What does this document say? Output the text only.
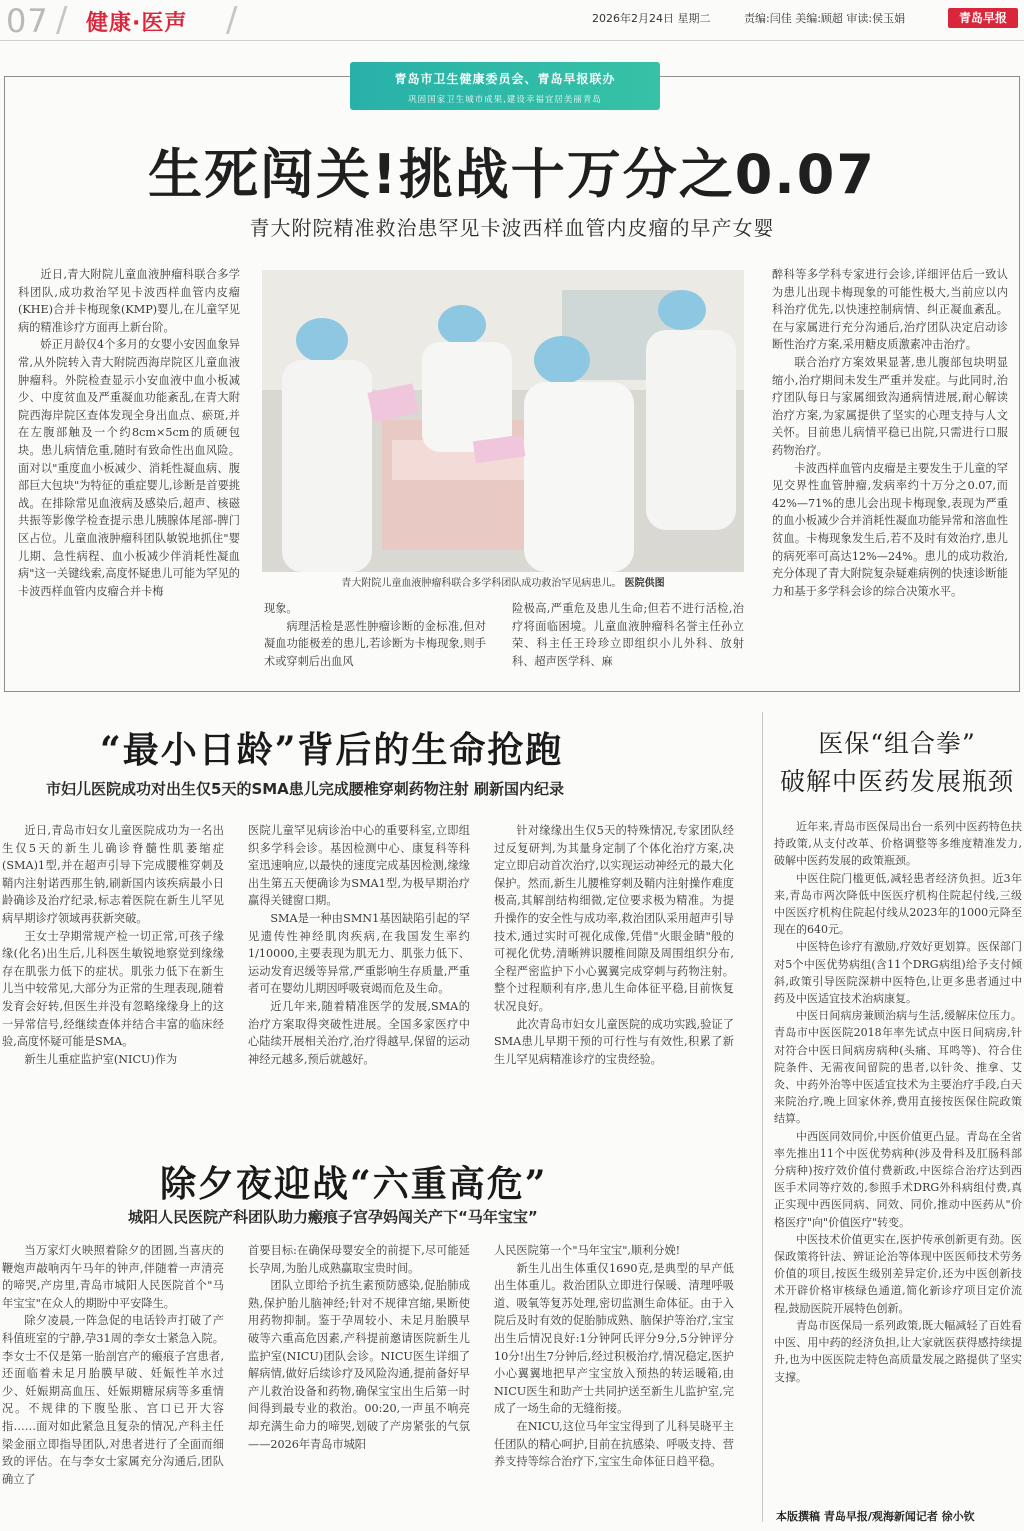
07 / 健康·医声 /	2026年2月24日 星期二	责编:闫佳 美编:顾超 审读:侯玉娟	青岛早报
青岛市卫生健康委员会、青岛早报联办
巩固国家卫生城市成果,建设幸福宜居美丽青岛
生死闯关!挑战十万分之0.07
青大附院精准救治患罕见卡波西样血管内皮瘤的早产女婴

近日,青大附院儿童血液肿瘤科联合多学科团队,成功救治罕见卡波西样血管内皮瘤(KHE)合并卡梅现象(KMP)婴儿,在儿童罕见病的精准诊疗方面再上新台阶。

娇正月龄仅4个多月的女婴小安因血象异常,从外院转入青大附院西海岸院区儿童血液肿瘤科。外院检查显示小安血液中血小板减少、中度贫血及严重凝血功能紊乱,在青大附院西海岸院区查体发现全身出血点、瘀斑,并在左腹部触及一个约8cm×5cm的质硬包块。患儿病情危重,随时有致命性出血风险。面对以"重度血小板减少、消耗性凝血病、腹部巨大包块"为特征的重症婴儿,诊断是首要挑战。在排除常见血液病及感染后,超声、核磁共振等影像学检查提示患儿胰腺体尾部-脾门区占位。儿童血液肿瘤科团队敏锐地抓住"婴儿期、急性病程、血小板减少伴消耗性凝血病"这一关键线索,高度怀疑患儿可能为罕见的卡波西样血管内皮瘤合并卡梅

青大附院儿童血液肿瘤科联合多学科团队成功救治罕见病患儿。 医院供图

现象。

病理活检是恶性肿瘤诊断的金标准,但对凝血功能极差的患儿,若诊断为卡梅现象,则手术或穿刺后出血风

险极高,严重危及患儿生命;但若不进行活检,治疗将面临困境。儿童血液肿瘤科名誉主任孙立荣、科主任王玲珍立即组织小儿外科、放射科、超声医学科、麻

醉科等多学科专家进行会诊,详细评估后一致认为患儿出现卡梅现象的可能性极大,当前应以内科治疗优先,以快速控制病情、纠正凝血紊乱。在与家属进行充分沟通后,治疗团队决定启动诊断性治疗方案,采用糖皮质激素冲击治疗。

联合治疗方案效果显著,患儿腹部包块明显缩小,治疗期间未发生严重并发症。与此同时,治疗团队每日与家属细致沟通病情进展,耐心解读治疗方案,为家属提供了坚实的心理支持与人文关怀。目前患儿病情平稳已出院,只需进行口服药物治疗。

卡波西样血管内皮瘤是主要发生于儿童的罕见交界性血管肿瘤,发病率约十万分之0.07,而42%—71%的患儿会出现卡梅现象,表现为严重的血小板减少合并消耗性凝血功能异常和溶血性贫血。卡梅现象发生后,若不及时有效治疗,患儿的病死率可高达12%—24%。患儿的成功救治,充分体现了青大附院复杂疑难病例的快速诊断能力和基于多学科会诊的综合决策水平。

“最小日龄”背后的生命抢跑
市妇儿医院成功对出生仅5天的SMA患儿完成腰椎穿刺药物注射 刷新国内纪录

近日,青岛市妇女儿童医院成功为一名出生仅5天的新生儿确诊脊髓性肌萎缩症(SMA)1型,并在超声引导下完成腰椎穿刺及鞘内注射诺西那生钠,刷新国内该疾病最小日龄确诊及治疗纪录,标志着医院在新生儿罕见病早期诊疗领域再获新突破。

王女士孕期常规产检一切正常,可孩子缘缘(化名)出生后,儿科医生敏锐地察觉到缘缘存在肌张力低下的症状。肌张力低下在新生儿当中较常见,大部分为正常的生理表现,随着发育会好转,但医生并没有忽略缘缘身上的这一异常信号,经继续查体并结合丰富的临床经验,高度怀疑可能是SMA。

新生儿重症监护室(NICU)作为

医院儿童罕见病诊治中心的重要科室,立即组织多学科会诊。基因检测中心、康复科等科室迅速响应,以最快的速度完成基因检测,缘缘出生第五天便确诊为SMA1型,为极早期治疗赢得关键窗口期。

SMA是一种由SMN1基因缺陷引起的罕见遗传性神经肌肉疾病,在我国发生率约1/10000,主要表现为肌无力、肌张力低下、运动发育迟缓等异常,严重影响生存质量,严重者可在婴幼儿期因呼吸衰竭而危及生命。

近几年来,随着精准医学的发展,SMA的治疗方案取得突破性进展。全国多家医疗中心陆续开展相关治疗,治疗得越早,保留的运动神经元越多,预后就越好。

针对缘缘出生仅5天的特殊情况,专家团队经过反复研判,为其量身定制了个体化治疗方案,决定立即启动首次治疗,以实现运动神经元的最大化保护。然而,新生儿腰椎穿刺及鞘内注射操作难度极高,其解剖结构细微,定位要求极为精准。为提升操作的安全性与成功率,救治团队采用超声引导技术,通过实时可视化成像,凭借"火眼金睛"般的可视化优势,清晰辨识腰椎间隙及周围组织分布,全程严密监护下小心翼翼完成穿刺与药物注射。整个过程顺利有序,患儿生命体征平稳,目前恢复状况良好。

此次青岛市妇女儿童医院的成功实践,验证了SMA患儿早期干预的可行性与有效性,积累了新生儿罕见病精准诊疗的宝贵经验。

除夕夜迎战“六重高危”
城阳人民医院产科团队助力瘢痕子宫孕妈闯关产下“马年宝宝”

当万家灯火映照着除夕的团圆,当喜庆的鞭炮声敲响丙午马年的钟声,伴随着一声清亮的啼哭,产房里,青岛市城阳人民医院首个"马年宝宝"在众人的期盼中平安降生。

除夕凌晨,一阵急促的电话铃声打破了产科值班室的宁静,孕31周的李女士紧急入院。李女士不仅是第一胎剖宫产的瘢痕子宫患者,还面临着未足月胎膜早破、妊娠性羊水过少、妊娠期高血压、妊娠期糖尿病等多重情况。不规律的下腹坠胀、宫口已开大容指……面对如此紧急且复杂的情况,产科主任梁金丽立即指导团队,对患者进行了全面而细致的评估。在与李女士家属充分沟通后,团队确立了

首要目标:在确保母婴安全的前提下,尽可能延长孕周,为胎儿成熟赢取宝贵时间。

团队立即给予抗生素预防感染,促胎肺成熟,保护胎儿脑神经;针对不规律宫缩,果断使用药物抑制。鉴于孕周较小、未足月胎膜早破等六重高危因素,产科提前邀请医院新生儿监护室(NICU)团队会诊。NICU医生详细了解病情,做好后续诊疗及风险沟通,提前备好早产儿救治设备和药物,确保宝宝出生后第一时间得到最专业的救治。00:20,一声虽不响亮却充满生命力的啼哭,划破了产房紧张的气氛——2026年青岛市城阳

人民医院第一个"马年宝宝",顺利分娩!

新生儿出生体重仅1690克,是典型的早产低出生体重儿。救治团队立即进行保暖、清理呼吸道、吸氧等复苏处理,密切监测生命体征。由于入院后及时有效的促胎肺成熟、脑保护等治疗,宝宝出生后情况良好:1分钟阿氏评分9分,5分钟评分10分!出生7分钟后,经过积极治疗,情况稳定,医护小心翼翼地把早产宝宝放入预热的转运暖箱,由NICU医生和助产士共同护送至新生儿监护室,完成了一场生命的无缝衔接。

在NICU,这位马年宝宝得到了儿科吴晓平主任团队的精心呵护,目前在抗感染、呼吸支持、营养支持等综合治疗下,宝宝生命体征日趋平稳。

医保“组合拳”
破解中医药发展瓶颈

近年来,青岛市医保局出台一系列中医药特色扶持政策,从支付改革、价格调整等多维度精准发力,破解中医药发展的政策瓶颈。

中医住院门槛更低,减轻患者经济负担。近3年来,青岛市两次降低中医医疗机构住院起付线,三级中医医疗机构住院起付线从2023年的1000元降至现在的640元。

中医特色诊疗有激励,疗效好更划算。医保部门对5个中医优势病组(含11个DRG病组)给予支付倾斜,政策引导医院深耕中医特色,让更多患者通过中药及中医适宜技术治病康复。

中医日间病房兼顾治病与生活,缓解床位压力。青岛市中医医院2018年率先试点中医日间病房,针对符合中医日间病房病种(头痛、耳鸣等)、符合住院条件、无需夜间留院的患者,以针灸、推拿、艾灸、中药外治等中医适宜技术为主要治疗手段,白天来院治疗,晚上回家休养,费用直接按医保住院政策结算。

中西医同效同价,中医价值更凸显。青岛在全省率先推出11个中医优势病种(涉及骨科及肛肠科部分病种)按疗效价值付费新政,中医综合治疗达到西医手术同等疗效的,参照手术DRG外科病组付费,真正实现中西医同病、同效、同价,推动中医药从"价格医疗"向"价值医疗"转变。

中医技术价值更实在,医护传承创新更有劲。医保政策将针法、辨证论治等体现中医医师技术劳务价值的项目,按医生级别差异定价,还为中医创新技术开辟价格审核绿色通道,简化新诊疗项目定价流程,鼓励医院开展特色创新。

青岛市医保局一系列政策,既大幅减轻了百姓看中医、用中药的经济负担,让大家就医获得感持续提升,也为中医医院走特色高质量发展之路提供了坚实支撑。

本版撰稿 青岛早报/观海新闻记者 徐小钦
